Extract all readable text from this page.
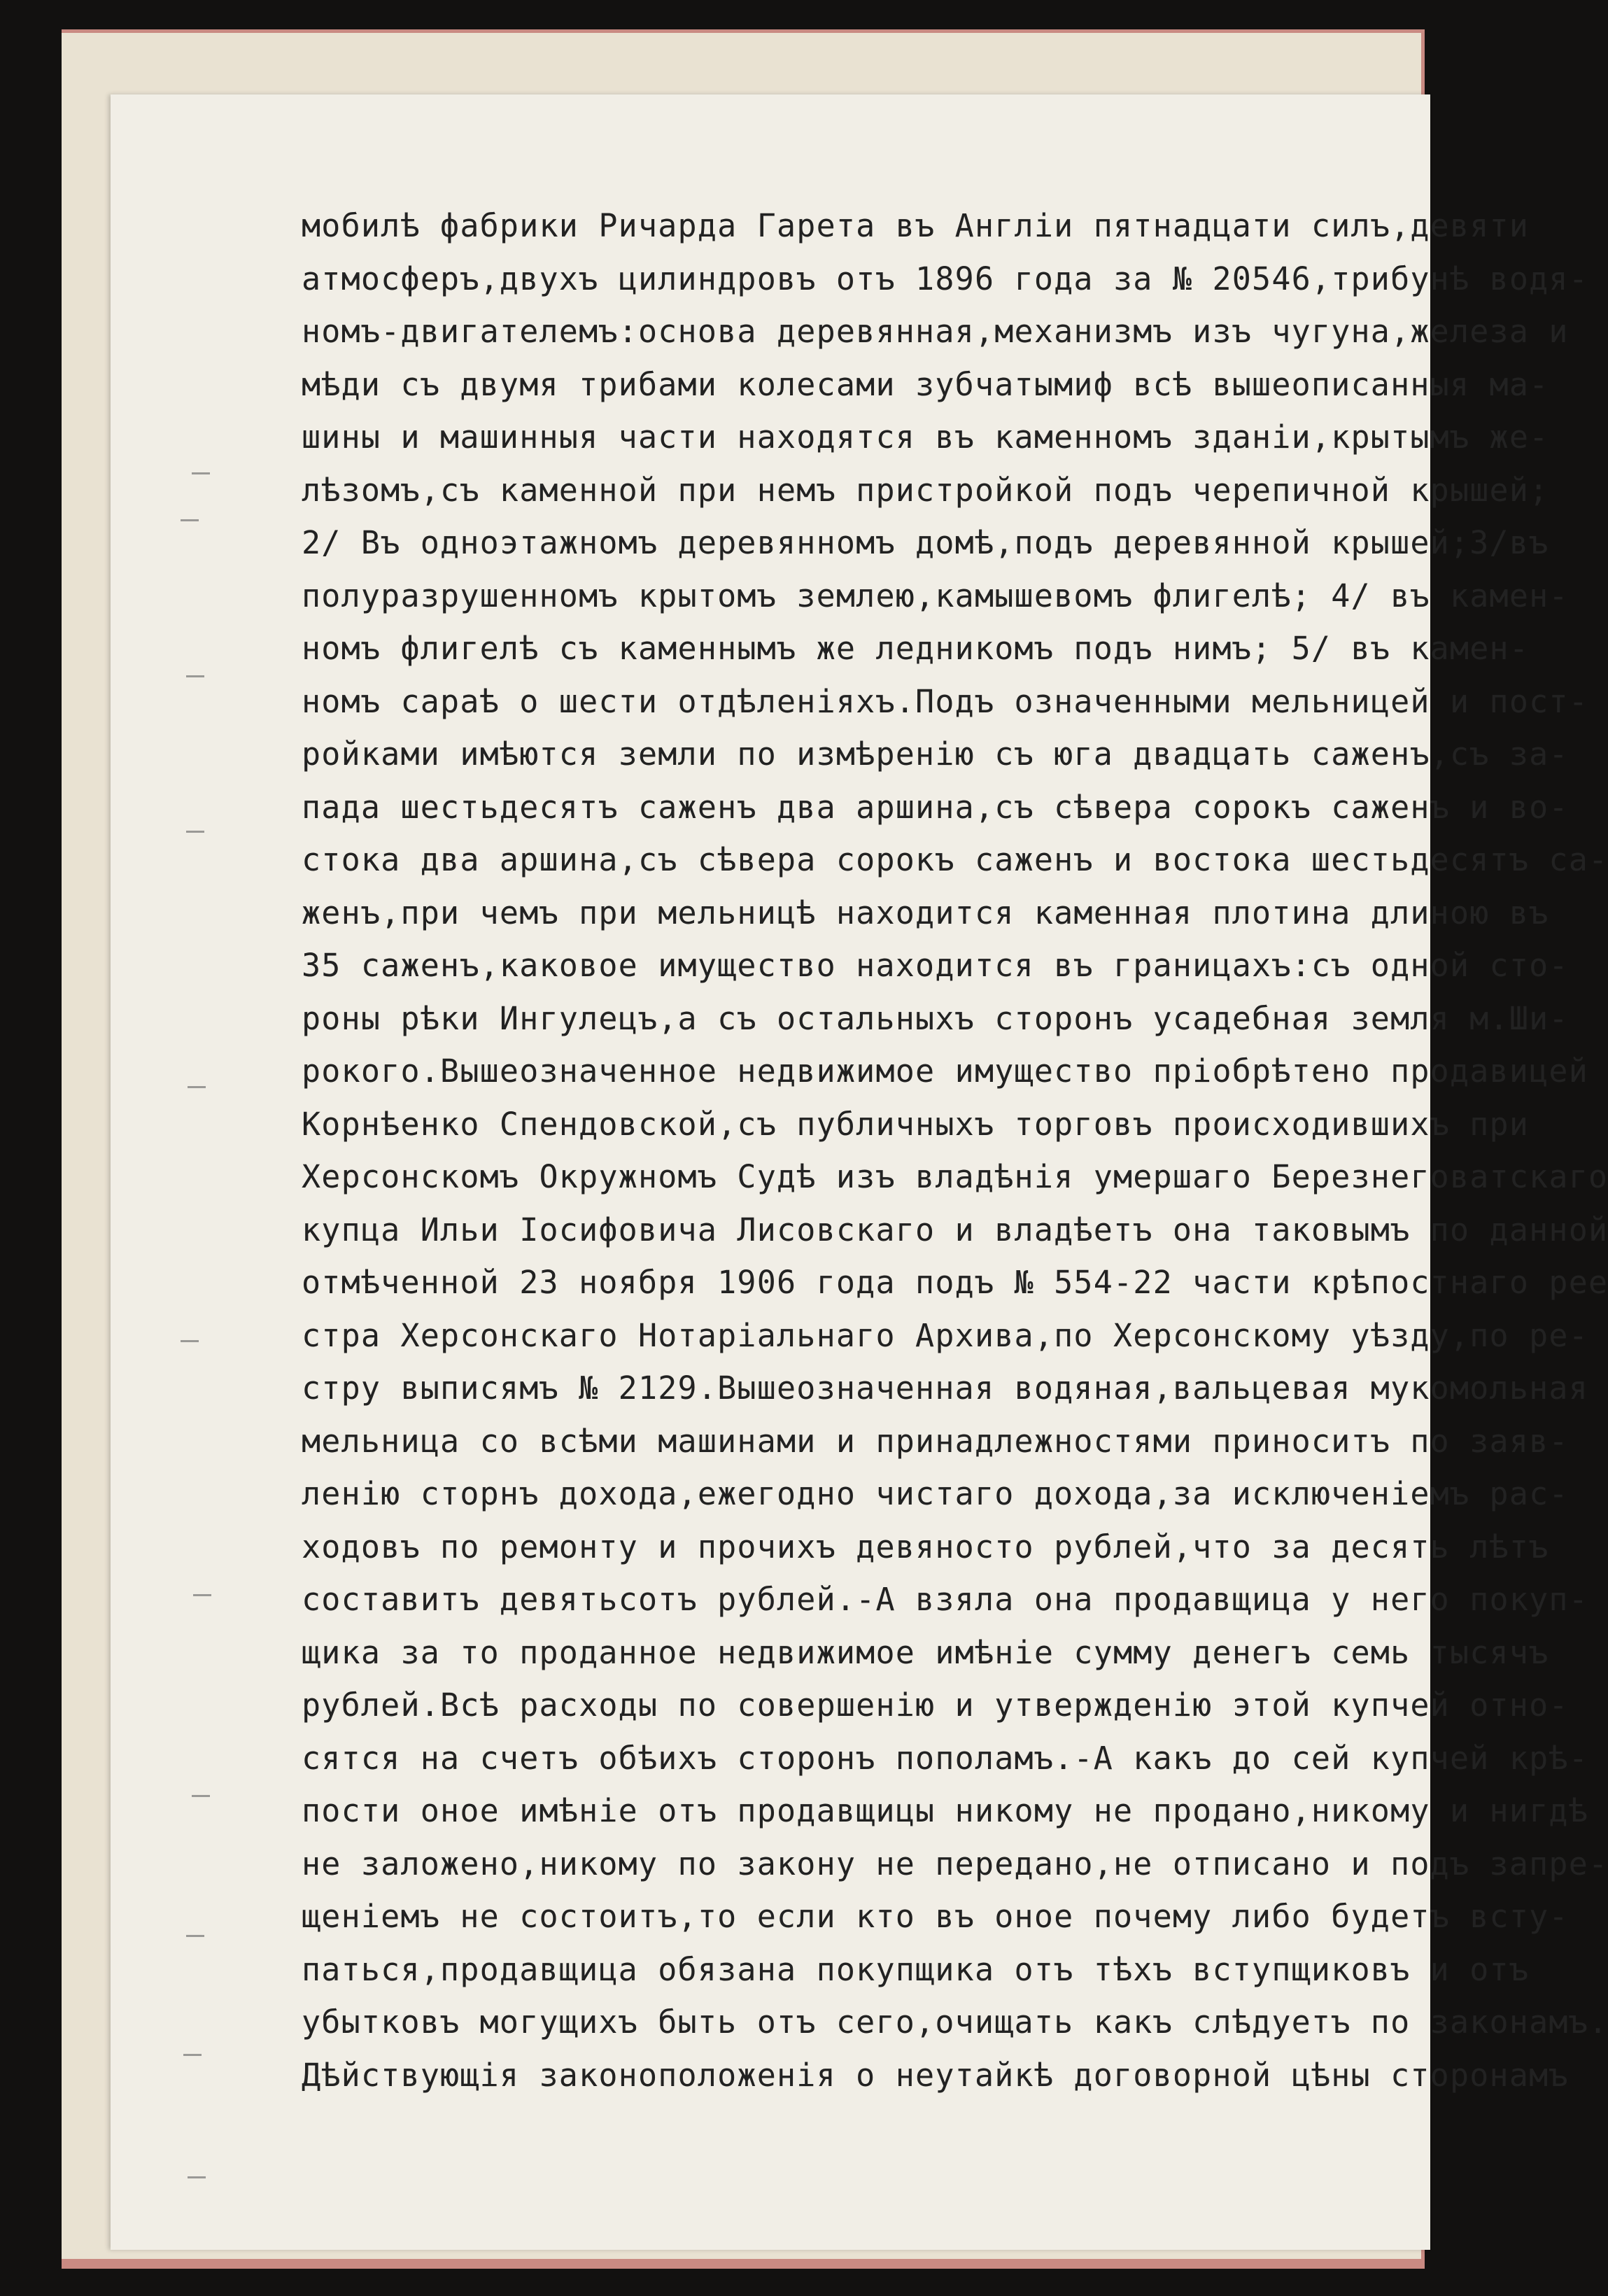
мобилѣ фабрики Ричарда Гарета въ Англiи пятнадцати силъ,девяти
атмосферъ,двухъ цилиндровъ отъ 1896 года за № 20546,трибунѣ водя-
номъ-двигателемъ:основа деревянная,механизмъ изъ чугуна,железа и
мѣди съ двумя трибами колесами зубчатымиф всѣ вышеописанныя ма-
шины и машинныя части находятся въ каменномъ зданiи,крытымъ же-
лѣзомъ,съ каменной при немъ пристройкой подъ черепичной крышей;
2/ Въ одноэтажномъ деревянномъ домѣ,подъ деревянной крышей;3/въ
полуразрушенномъ крытомъ землею,камышевомъ флигелѣ; 4/ въ камен-
номъ флигелѣ съ каменнымъ же ледникомъ подъ нимъ; 5/ въ камен-
номъ сараѣ о шести отдѣленiяхъ.Подъ означенными мельницей и пост-
ройками имѣются земли по измѣренiю съ юга двадцать саженъ,съ за-
пада шестьдесятъ саженъ два аршина,съ сѣвера сорокъ саженъ и во-
стока два аршина,съ сѣвера сорокъ саженъ и востока шестьдесятъ са-
женъ,при чемъ при мельницѣ находится каменная плотина длиною въ
35 саженъ,каковое имущество находится въ границахъ:съ одной сто-
роны рѣки Ингулецъ,а съ остальныхъ сторонъ усадебная земля м.Ши-
рокого.Вышеозначенное недвижимое имущество прiобрѣтено продавицей
Корнѣенко Спендовской,съ публичныхъ торговъ происходившихъ при
Херсонскомъ Окружномъ Судѣ изъ владѣнiя умершаго Березнеговатскаго
купца Ильи Iосифовича Лисовскаго и владѣетъ она таковымъ по данной
отмѣченной 23 ноября 1906 года подъ № 554-22 части крѣпостнаго рее
стра Херсонскаго Нотарiальнаго Архива,по Херсонскому уѣзду,по ре-
стру выписямъ № 2129.Вышеозначенная водяная,вальцевая мукомольная
мельница со всѣми машинами и принадлежностями приноситъ по заяв-
ленiю сторнъ дохода,ежегодно чистаго дохода,за исключенiемъ рас-
ходовъ по ремонту и прочихъ девяносто рублей,что за десять лѣтъ
составитъ девятьсотъ рублей.-А взяла она продавщица у него покуп-
щика за то проданное недвижимое имѣнiе сумму денегъ семь тысячъ
рублей.Всѣ расходы по совершенiю и утвержденiю этой купчей отно-
сятся на счетъ обѣихъ сторонъ пополамъ.-А какъ до сей купчей крѣ-
пости оное имѣнiе отъ продавщицы никому не продано,никому и нигдѣ
не заложено,никому по закону не передано,не отписано и подъ запре-
щенiемъ не состоитъ,то если кто въ оное почему либо будетъ всту-
паться,продавщица обязана покупщика отъ тѣхъ вступщиковъ и отъ
убытковъ могущихъ быть отъ сего,очищать какъ слѣдуетъ по законамъ.
Дѣйствующiя законоположенiя о неутайкѣ договорной цѣны сторонамъ
